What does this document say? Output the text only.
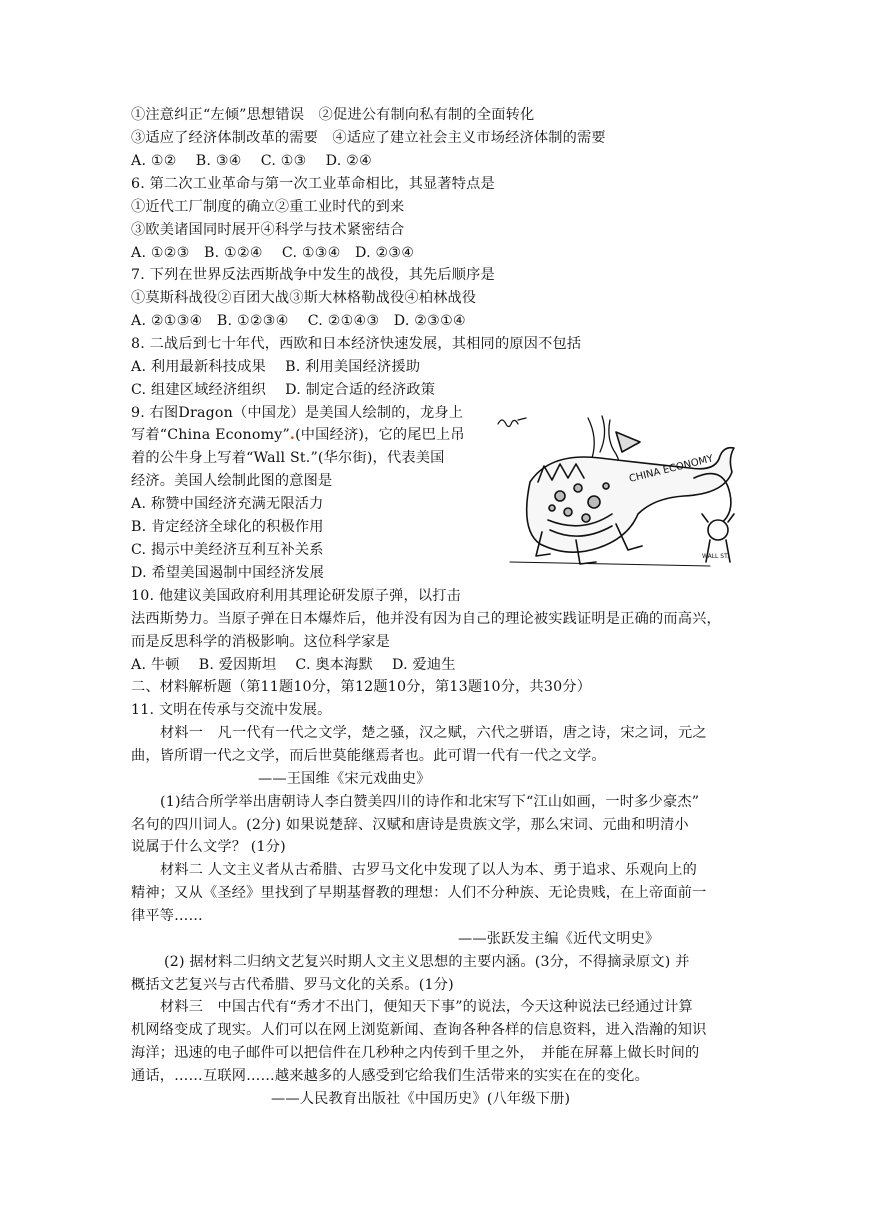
①注意纠正“左倾”思想错误　②促进公有制向私有制的全面转化
③适应了经济体制改革的需要　④适应了建立社会主义市场经济体制的需要
A. ①②　 B. ③④　 C. ①③　 D. ②④
6. 第二次工业革命与第一次工业革命相比，其显著特点是
①近代工厂制度的确立②重工业时代的到来
③欧美诸国同时展开④科学与技术紧密结合
A. ①②③　B. ①②④　 C. ①③④　D. ②③④
7. 下列在世界反法西斯战争中发生的战役，其先后顺序是
①莫斯科战役②百团大战③斯大林格勒战役④柏林战役
A. ②①③④　B. ①②③④　 C. ②①④③　D. ②③①④
8. 二战后到七十年代，西欧和日本经济快速发展，其相同的原因不包括
A. 利用最新科技成果　 B. 利用美国经济援助
C. 组建区域经济组织　 D. 制定合适的经济政策
9. 右图Dragon（中国龙）是美国人绘制的，龙身上
写着“China Economy”.(中国经济)，它的尾巴上吊
着的公牛身上写着“Wall St.”(华尔街)，代表美国
经济。美国人绘制此图的意图是
A. 称赞中国经济充满无限活力
B. 肯定经济全球化的积极作用
C. 揭示中美经济互利互补关系
D. 希望美国遏制中国经济发展
10. 他建议美国政府利用其理论研发原子弹，以打击
法西斯势力。当原子弹在日本爆炸后，他并没有因为自己的理论被实践证明是正确的而高兴，
而是反思科学的消极影响。这位科学家是
A. 牛顿　 B. 爱因斯坦　 C. 奥本海默　 D. 爱迪生
二、材料解析题（第11题10分，第12题10分，第13题10分，共30分）
11. 文明在传承与交流中发展。
材料一　凡一代有一代之文学，楚之骚，汉之赋，六代之骈语，唐之诗，宋之词，元之
曲，皆所谓一代之文学，而后世莫能继焉者也。此可谓一代有一代之文学。
——王国维《宋元戏曲史》
(1)结合所学举出唐朝诗人李白赞美四川的诗作和北宋写下“江山如画，一时多少豪杰”
名句的四川词人。(2分) 如果说楚辞、汉赋和唐诗是贵族文学，那么宋词、元曲和明清小
说属于什么文学？ (1分)
材料二 人文主义者从古希腊、古罗马文化中发现了以人为本、勇于追求、乐观向上的
精神；又从《圣经》里找到了早期基督教的理想：人们不分种族、无论贵贱，在上帝面前一
律平等……
——张跃发主编《近代文明史》
(2) 据材料二归纳文艺复兴时期人文主义思想的主要内涵。(3分，不得摘录原文) 并
概括文艺复兴与古代希腊、罗马文化的关系。(1分)
材料三　中国古代有“秀才不出门，便知天下事”的说法，今天这种说法已经通过计算
机网络变成了现实。人们可以在网上浏览新闻、查询各种各样的信息资料，进入浩瀚的知识
海洋；迅速的电子邮件可以把信件在几秒种之内传到千里之外，　并能在屏幕上做长时间的
通话，……互联网……越来越多的人感受到它给我们生活带来的实实在在的变化。
——人民教育出版社《中国历史》(八年级下册)
CHINA ECONOMY
WALL ST.
